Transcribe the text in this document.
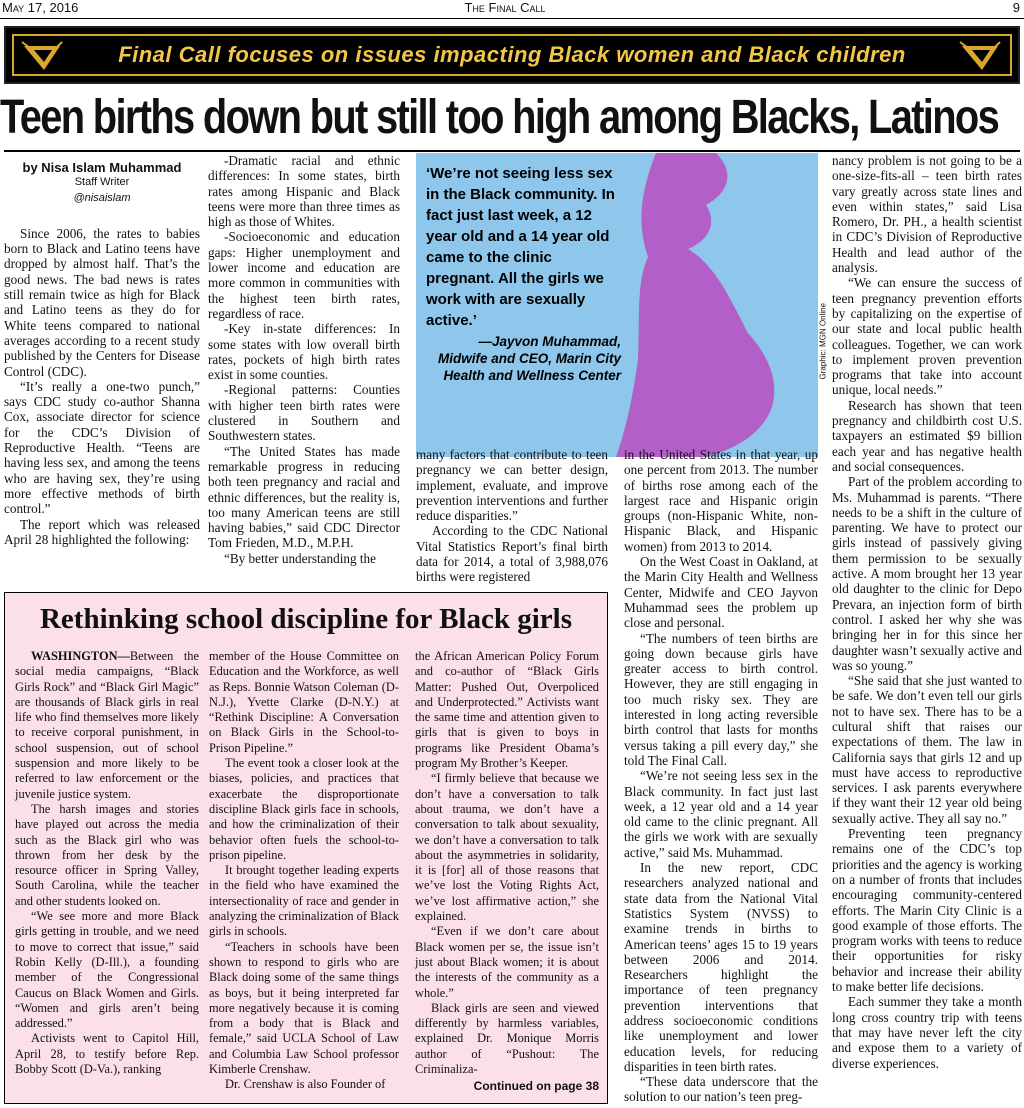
May 17, 2016	The Final Call	9
Final Call focuses on issues impacting Black women and Black children
Teen births down but still too high among Blacks, Latinos
by Nisa Islam Muhammad
Staff Writer
@nisaislam

Since 2006, the rates to babies born to Black and Latino teens have dropped by almost half. That’s the good news. The bad news is rates still remain twice as high for Black and Latino teens as they do for White teens compared to national averages according to a recent study published by the Centers for Disease Control (CDC).

“It’s really a one-two punch,” says CDC study co-author Shanna Cox, associate director for science for the CDC’s Division of Reproductive Health. “Teens are having less sex, and among the teens who are having sex, they’re using more effective methods of birth control.”

The report which was released April 28 highlighted the following:

-Dramatic racial and ethnic differences: In some states, birth rates among Hispanic and Black teens were more than three times as high as those of Whites.

-Socioeconomic and education gaps: Higher unemployment and lower income and education are more common in communities with the highest teen birth rates, regardless of race.

-Key in-state differences: In some states with low overall birth rates, pockets of high birth rates exist in some counties.

-Regional patterns: Counties with higher teen birth rates were clustered in Southern and Southwestern states.

“The United States has made remarkable progress in reducing both teen pregnancy and racial and ethnic differences, but the reality is, too many American teens are still having babies,” said CDC Director Tom Frieden, M.D., M.P.H.

“By better understanding the

‘We’re not seeing less sex in the Black community. In fact just last week, a 12 year old and a 14 year old came to the clinic pregnant. All the girls we work with are sexually active.’
—Jayvon Muhammad, Midwife and CEO, Marin City Health and Wellness Center	Graphic: MGN Online

many factors that contribute to teen pregnancy we can better design, implement, evaluate, and improve prevention interventions and further reduce disparities.”

According to the CDC National Vital Statistics Report’s final birth data for 2014, a total of 3,988,076 births were registered

in the United States in that year, up one percent from 2013. The number of births rose among each of the largest race and Hispanic origin groups (non-Hispanic White, non-Hispanic Black, and Hispanic women) from 2013 to 2014.

On the West Coast in Oakland, at the Marin City Health and Wellness Center, Midwife and CEO Jayvon Muhammad sees the problem up close and personal.

“The numbers of teen births are going down because girls have greater access to birth control. However, they are still engaging in too much risky sex. They are interested in long acting reversible birth control that lasts for months versus taking a pill every day,” she told The Final Call.

“We’re not seeing less sex in the Black community. In fact just last week, a 12 year old and a 14 year old came to the clinic pregnant. All the girls we work with are sexually active,” said Ms. Muhammad.

In the new report, CDC researchers analyzed national and state data from the National Vital Statistics System (NVSS) to examine trends in births to American teens’ ages 15 to 19 years between 2006 and 2014. Researchers highlight the importance of teen pregnancy prevention interventions that address socioeconomic conditions like unemployment and lower education levels, for reducing disparities in teen birth rates.

“These data underscore that the solution to our nation’s teen preg-

nancy problem is not going to be a one-size-fits-all – teen birth rates vary greatly across state lines and even within states,” said Lisa Romero, Dr. PH., a health scientist in CDC’s Division of Reproductive Health and lead author of the analysis.

“We can ensure the success of teen pregnancy prevention efforts by capitalizing on the expertise of our state and local public health colleagues. Together, we can work to implement proven prevention programs that take into account unique, local needs.”

Research has shown that teen pregnancy and childbirth cost U.S. taxpayers an estimated $9 billion each year and has negative health and social consequences.

Part of the problem according to Ms. Muhammad is parents. “There needs to be a shift in the culture of parenting. We have to protect our girls instead of passively giving them permission to be sexually active. A mom brought her 13 year old daughter to the clinic for Depo Prevara, an injection form of birth control. I asked her why she was bringing her in for this since her daughter wasn’t sexually active and was so young.”

“She said that she just wanted to be safe. We don’t even tell our girls not to have sex. There has to be a cultural shift that raises our expectations of them. The law in California says that girls 12 and up must have access to reproductive services. I ask parents everywhere if they want their 12 year old being sexually active. They all say no.”

Preventing teen pregnancy remains one of the CDC’s top priorities and the agency is working on a number of fronts that includes encouraging community-centered efforts. The Marin City Clinic is a good example of those efforts. The program works with teens to reduce their opportunities for risky behavior and increase their ability to make better life decisions.

Each summer they take a month long cross country trip with teens that may have never left the city and expose them to a variety of diverse experiences.

Rethinking school discipline for Black girls

WASHINGTON—Between the social media campaigns, “Black Girls Rock” and “Black Girl Magic” are thousands of Black girls in real life who find themselves more likely to receive corporal punishment, in school suspension, out of school suspension and more likely to be referred to law enforcement or the juvenile justice system.

The harsh images and stories have played out across the media such as the Black girl who was thrown from her desk by the resource officer in Spring Valley, South Carolina, while the teacher and other students looked on.

“We see more and more Black girls getting in trouble, and we need to move to correct that issue,” said Robin Kelly (D-Ill.), a founding member of the Congressional Caucus on Black Women and Girls. “Women and girls aren’t being addressed.”

Activists went to Capitol Hill, April 28, to testify before Rep. Bobby Scott (D-Va.), ranking

member of the House Committee on Education and the Workforce, as well as Reps. Bonnie Watson Coleman (D-N.J.), Yvette Clarke (D-N.Y.) at “Rethink Discipline: A Conversation on Black Girls in the School-to-Prison Pipeline.”

The event took a closer look at the biases, policies, and practices that exacerbate the disproportionate discipline Black girls face in schools, and how the criminalization of their behavior often fuels the school-to-prison pipeline.

It brought together leading experts in the field who have examined the intersectionality of race and gender in analyzing the criminalization of Black girls in schools.

“Teachers in schools have been shown to respond to girls who are Black doing some of the same things as boys, but it being interpreted far more negatively because it is coming from a body that is Black and female,” said UCLA School of Law and Columbia Law School professor Kimberle Crenshaw.

Dr. Crenshaw is also Founder of

the African American Policy Forum and co-author of “Black Girls Matter: Pushed Out, Overpoliced and Underprotected.” Activists want the same time and attention given to girls that is given to boys in programs like President Obama’s program My Brother’s Keeper.

“I firmly believe that because we don’t have a conversation to talk about trauma, we don’t have a conversation to talk about sexuality, we don’t have a conversation to talk about the asymmetries in solidarity, it is [for] all of those reasons that we’ve lost the Voting Rights Act, we’ve lost affirmative action,” she explained.

“Even if we don’t care about Black women per se, the issue isn’t just about Black women; it is about the interests of the community as a whole.”

Black girls are seen and viewed differently by harmless variables, explained Dr. Monique Morris author of “Pushout: The Criminaliza-

Continued on page 38
